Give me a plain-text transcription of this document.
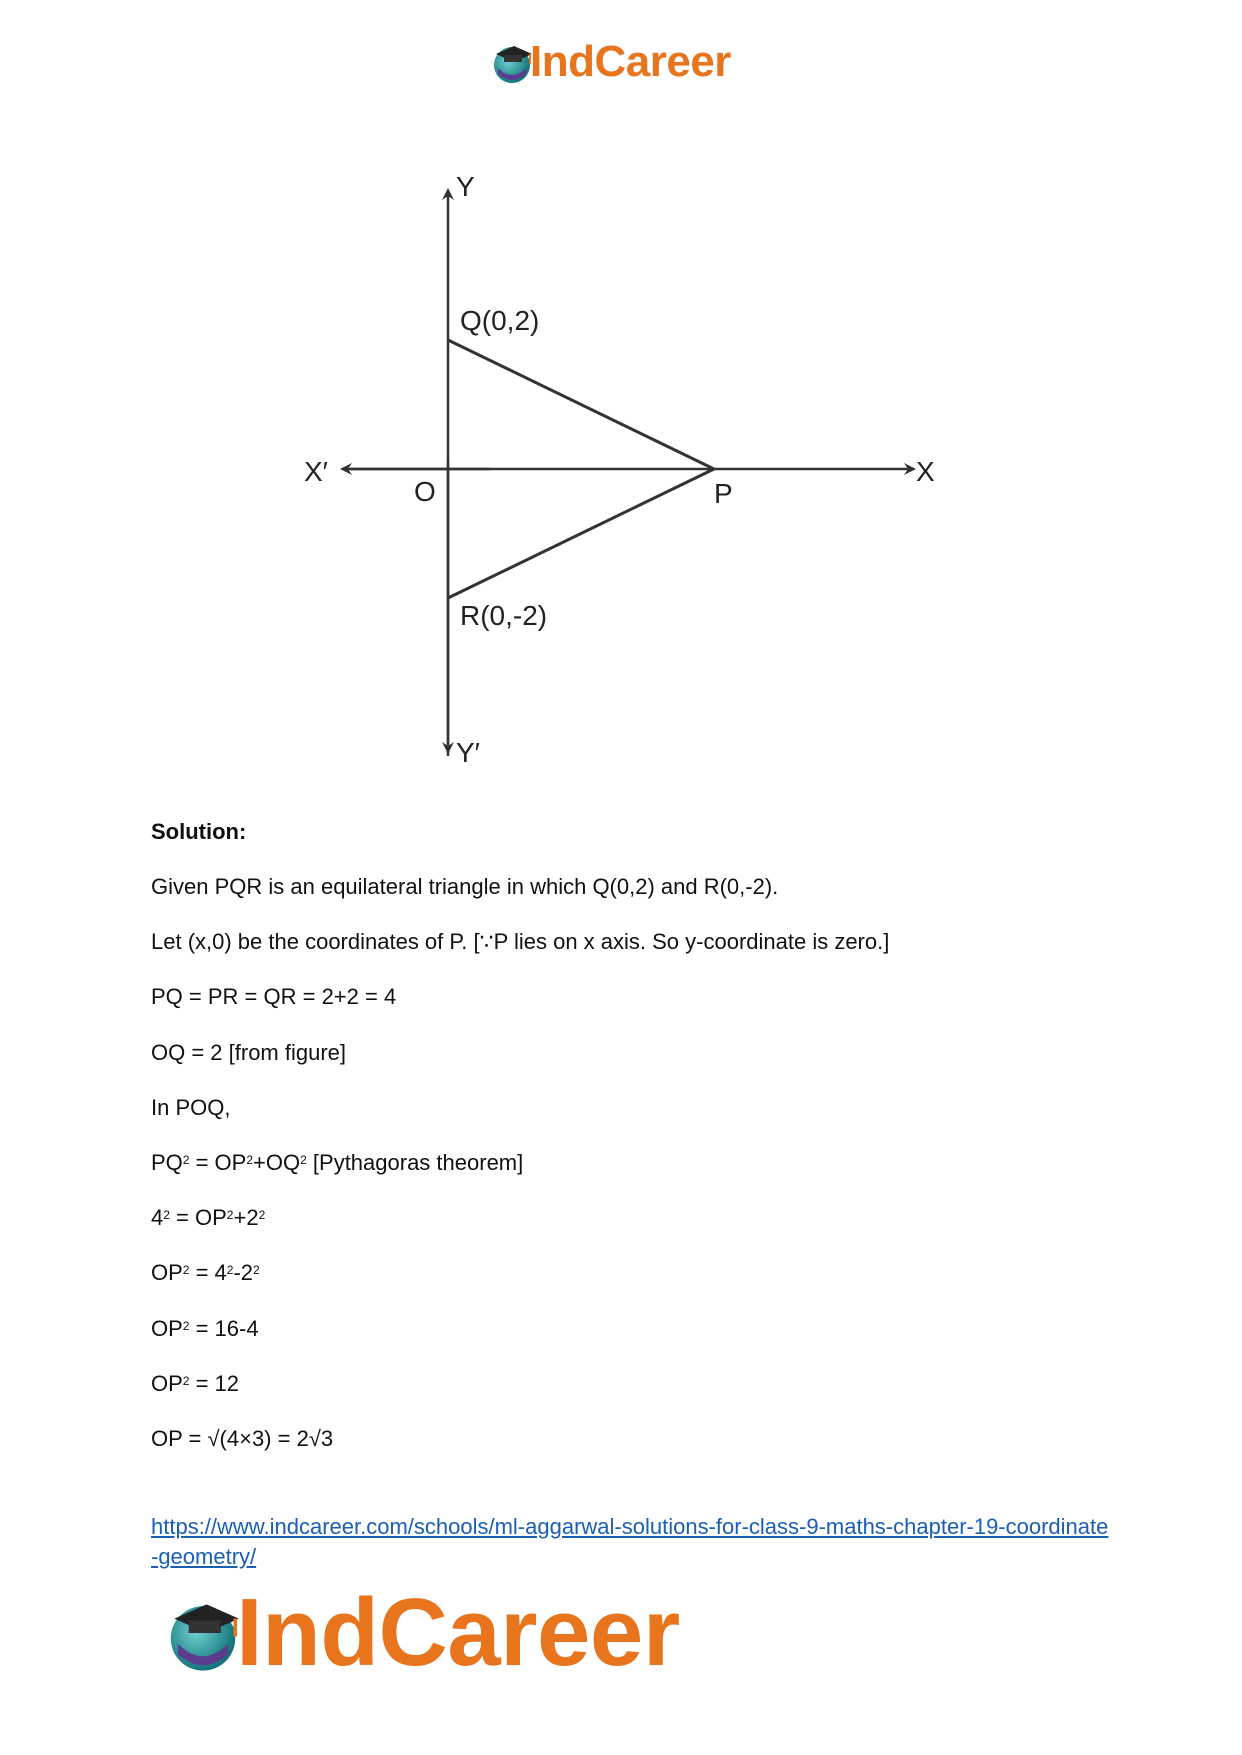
IndCareer
Y
Y′
X
X′
O
Q(0,2)
P
R(0,-2)
Solution:
Given PQR is an equilateral triangle in which Q(0,2) and R(0,-2).
Let (x,0) be the coordinates of P. [∵P lies on x axis. So y-coordinate is zero.]
PQ = PR = QR = 2+2 = 4
OQ = 2 [from figure]
In POQ,
$PQ^2 = OP^2+OQ^2$ [Pythagoras theorem]
$4^2 = OP^2+2^2$
$OP^2 = 4^2-2^2$
$OP^2 = 16-4$
$OP^2 = 12$
OP = √(4×3) = 2√3
https://www.indcareer.com/schools/ml-aggarwal-solutions-for-class-9-maths-chapter-19-coordinate-geometry/
IndCareer
